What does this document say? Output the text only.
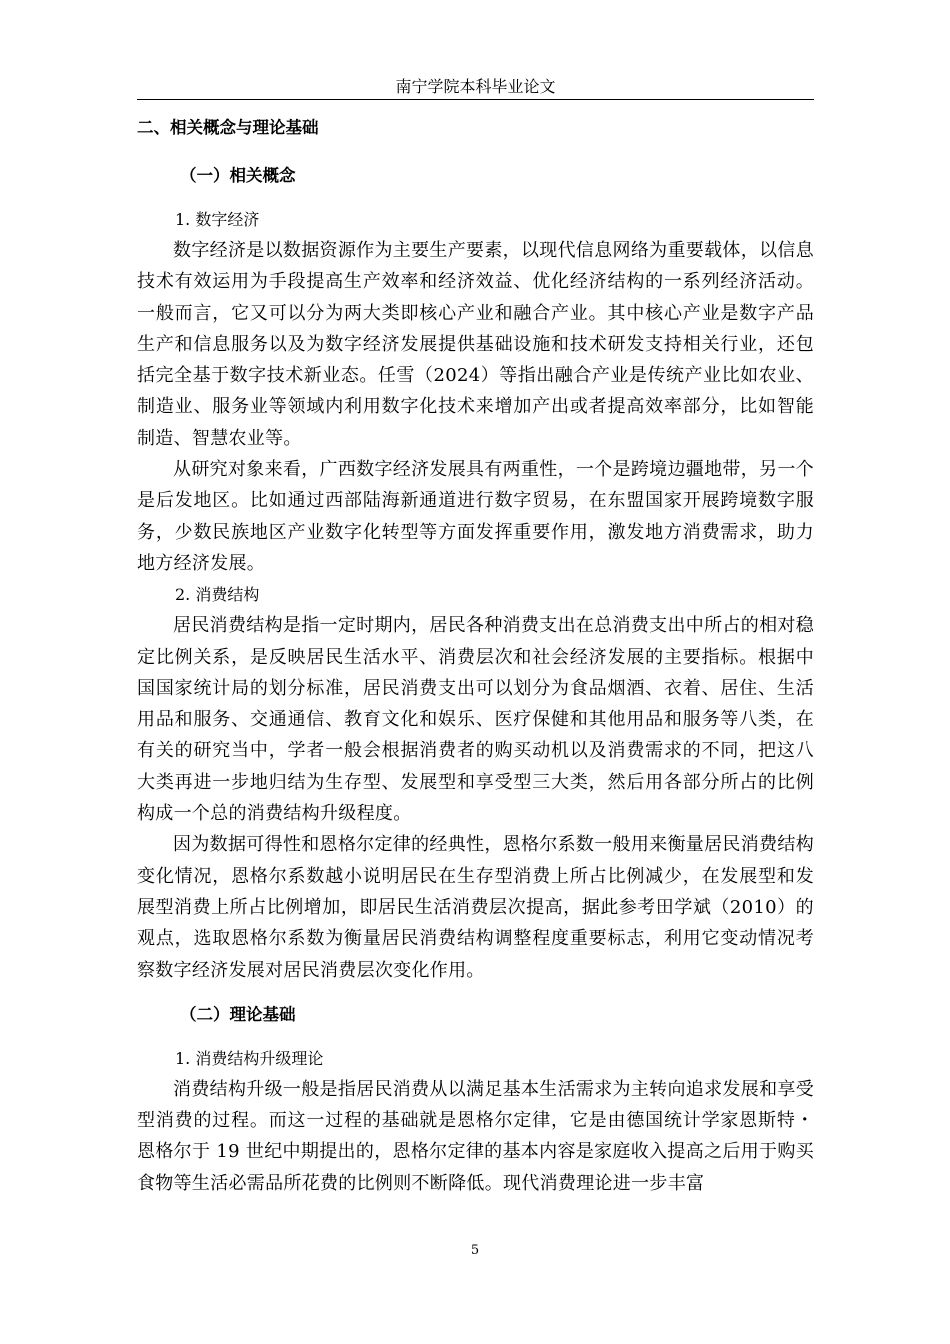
南宁学院本科毕业论文
二、相关概念与理论基础
（一）相关概念
1. 数字经济
数字经济是以数据资源作为主要生产要素，以现代信息网络为重要载体，以信息技术有效运用为手段提高生产效率和经济效益、优化经济结构的一系列经济活动。一般而言，它又可以分为两大类即核心产业和融合产业。其中核心产业是数字产品生产和信息服务以及为数字经济发展提供基础设施和技术研发支持相关行业，还包括完全基于数字技术新业态。任雪（2024）等指出融合产业是传统产业比如农业、制造业、服务业等领域内利用数字化技术来增加产出或者提高效率部分，比如智能制造、智慧农业等。
从研究对象来看，广西数字经济发展具有两重性，一个是跨境边疆地带，另一个是后发地区。比如通过西部陆海新通道进行数字贸易，在东盟国家开展跨境数字服务，少数民族地区产业数字化转型等方面发挥重要作用，激发地方消费需求，助力地方经济发展。
2. 消费结构
居民消费结构是指一定时期内，居民各种消费支出在总消费支出中所占的相对稳定比例关系，是反映居民生活水平、消费层次和社会经济发展的主要指标。根据中国国家统计局的划分标准，居民消费支出可以划分为食品烟酒、衣着、居住、生活用品和服务、交通通信、教育文化和娱乐、医疗保健和其他用品和服务等八类，在有关的研究当中，学者一般会根据消费者的购买动机以及消费需求的不同，把这八大类再进一步地归结为生存型、发展型和享受型三大类，然后用各部分所占的比例构成一个总的消费结构升级程度。
因为数据可得性和恩格尔定律的经典性，恩格尔系数一般用来衡量居民消费结构变化情况，恩格尔系数越小说明居民在生存型消费上所占比例减少，在发展型和发展型消费上所占比例增加，即居民生活消费层次提高，据此参考田学斌（2010）的观点，选取恩格尔系数为衡量居民消费结构调整程度重要标志，利用它变动情况考察数字经济发展对居民消费层次变化作用。
（二）理论基础
1. 消费结构升级理论
消费结构升级一般是指居民消费从以满足基本生活需求为主转向追求发展和享受型消费的过程。而这一过程的基础就是恩格尔定律，它是由德国统计学家恩斯特・恩格尔于 19 世纪中期提出的，恩格尔定律的基本内容是家庭收入提高之后用于购买食物等生活必需品所花费的比例则不断降低。现代消费理论进一步丰富
5
